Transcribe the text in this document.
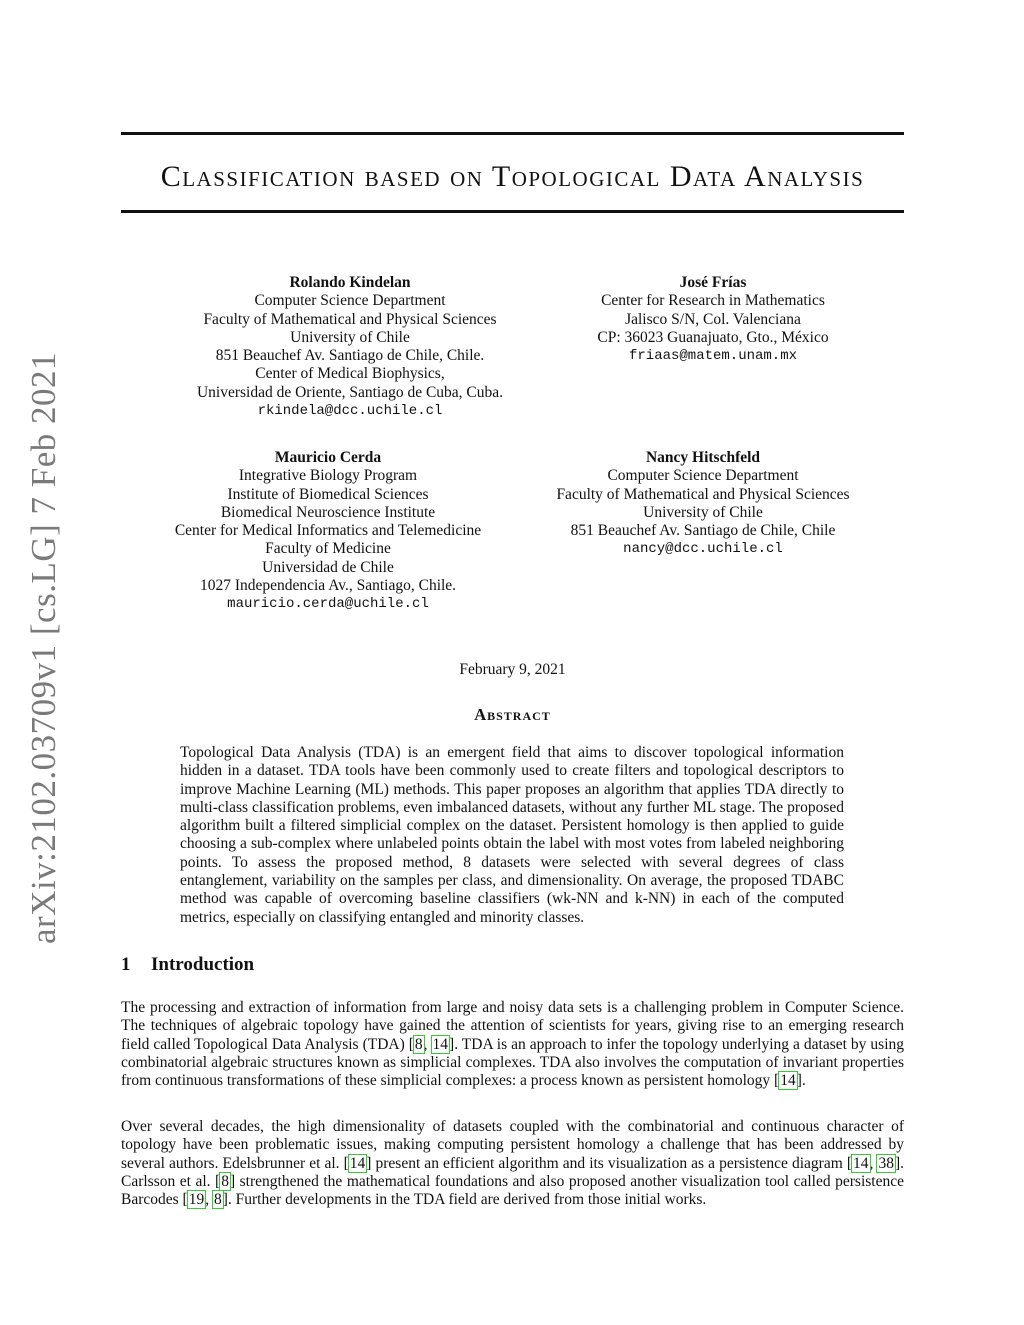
arXiv:2102.03709v1 [cs.LG] 7 Feb 2021
Classification based on Topological Data Analysis
Rolando Kindelan
Computer Science Department
Faculty of Mathematical and Physical Sciences
University of Chile
851 Beauchef Av. Santiago de Chile, Chile.
Center of Medical Biophysics,
Universidad de Oriente, Santiago de Cuba, Cuba.
rkindela@dcc.uchile.cl
José Frías
Center for Research in Mathematics
Jalisco S/N, Col. Valenciana
CP: 36023 Guanajuato, Gto., México
friaas@matem.unam.mx
Mauricio Cerda
Integrative Biology Program
Institute of Biomedical Sciences
Biomedical Neuroscience Institute
Center for Medical Informatics and Telemedicine
Faculty of Medicine
Universidad de Chile
1027 Independencia Av., Santiago, Chile.
mauricio.cerda@uchile.cl
Nancy Hitschfeld
Computer Science Department
Faculty of Mathematical and Physical Sciences
University of Chile
851 Beauchef Av. Santiago de Chile, Chile
nancy@dcc.uchile.cl
February 9, 2021
Abstract

Topological Data Analysis (TDA) is an emergent field that aims to discover topological information hidden in a dataset. TDA tools have been commonly used to create filters and topological descriptors to improve Machine Learning (ML) methods. This paper proposes an algorithm that applies TDA directly to multi-class classification problems, even imbalanced datasets, without any further ML stage. The proposed algorithm built a filtered simplicial complex on the dataset. Persistent homology is then applied to guide choosing a sub-complex where unlabeled points obtain the label with most votes from labeled neighboring points. To assess the proposed method, 8 datasets were selected with several degrees of class entanglement, variability on the samples per class, and dimensionality. On average, the proposed TDABC method was capable of overcoming baseline classifiers (wk-NN and k-NN) in each of the computed metrics, especially on classifying entangled and minority classes.

1 Introduction

The processing and extraction of information from large and noisy data sets is a challenging problem in Computer Science. The techniques of algebraic topology have gained the attention of scientists for years, giving rise to an emerging research field called Topological Data Analysis (TDA) [8, 14]. TDA is an approach to infer the topology underlying a dataset by using combinatorial algebraic structures known as simplicial complexes. TDA also involves the computation of invariant properties from continuous transformations of these simplicial complexes: a process known as persistent homology [14].

Over several decades, the high dimensionality of datasets coupled with the combinatorial and continuous character of topology have been problematic issues, making computing persistent homology a challenge that has been addressed by several authors. Edelsbrunner et al. [14] present an efficient algorithm and its visualization as a persistence diagram [14, 38]. Carlsson et al. [8] strengthened the mathematical foundations and also proposed another visualization tool called persistence Barcodes [19, 8]. Further developments in the TDA field are derived from those initial works.
